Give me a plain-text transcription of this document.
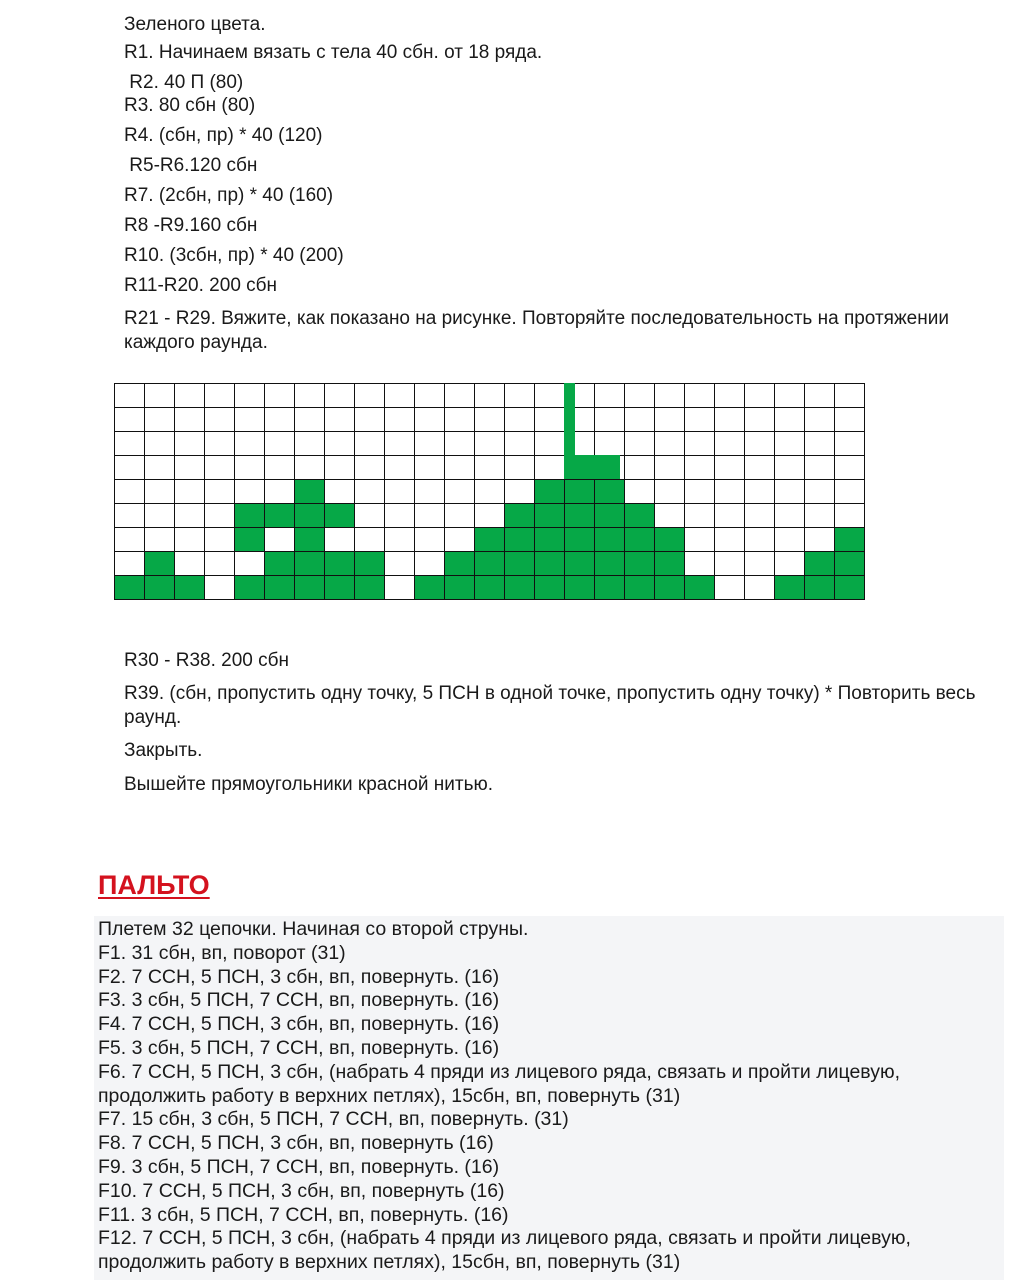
Зеленого цвета.
R1. Начинаем вязать с тела 40 сбн. от 18 ряда.
R2. 40 П (80)
R3. 80 сбн (80)
R4. (сбн, пр) * 40 (120)
R5-R6.120 сбн
R7. (2сбн, пр) * 40 (160)
R8 -R9.160 сбн
R10. (3сбн, пр) * 40 (200)
R11-R20. 200 сбн
R21 - R29. Вяжите, как показано на рисунке. Повторяйте последовательность на протяжении каждого раунда.
R30 - R38. 200 сбн
R39. (сбн, пропустить одну точку, 5 ПСН в одной точке, пропустить одну точку) * Повторить весь раунд.
Закрыть.
Вышейте прямоугольники красной нитью.
ПАЛЬТО
Плетем 32 цепочки. Начиная со второй струны.
F1. 31 сбн, вп, поворот (31)
F2. 7 ССН, 5 ПСН, 3 сбн, вп, повернуть. (16)
F3. 3 сбн, 5 ПСН, 7 ССН, вп, повернуть. (16)
F4. 7 ССН, 5 ПСН, 3 сбн, вп, повернуть. (16)
F5. 3 сбн, 5 ПСН, 7 ССН, вп, повернуть. (16)
F6. 7 ССН, 5 ПСН, 3 сбн, (набрать 4 пряди из лицевого ряда, связать и пройти лицевую, продолжить работу в верхних петлях), 15сбн, вп, повернуть (31)
F7. 15 сбн, 3 сбн, 5 ПСН, 7 ССН, вп, повернуть. (31)
F8. 7 ССН, 5 ПСН, 3 сбн, вп, повернуть (16)
F9. 3 сбн, 5 ПСН, 7 ССН, вп, повернуть. (16)
F10. 7 ССН, 5 ПСН, 3 сбн, вп, повернуть (16)
F11. 3 сбн, 5 ПСН, 7 ССН, вп, повернуть. (16)
F12. 7 ССН, 5 ПСН, 3 сбн, (набрать 4 пряди из лицевого ряда, связать и пройти лицевую, продолжить работу в верхних петлях), 15сбн, вп, повернуть (31)
